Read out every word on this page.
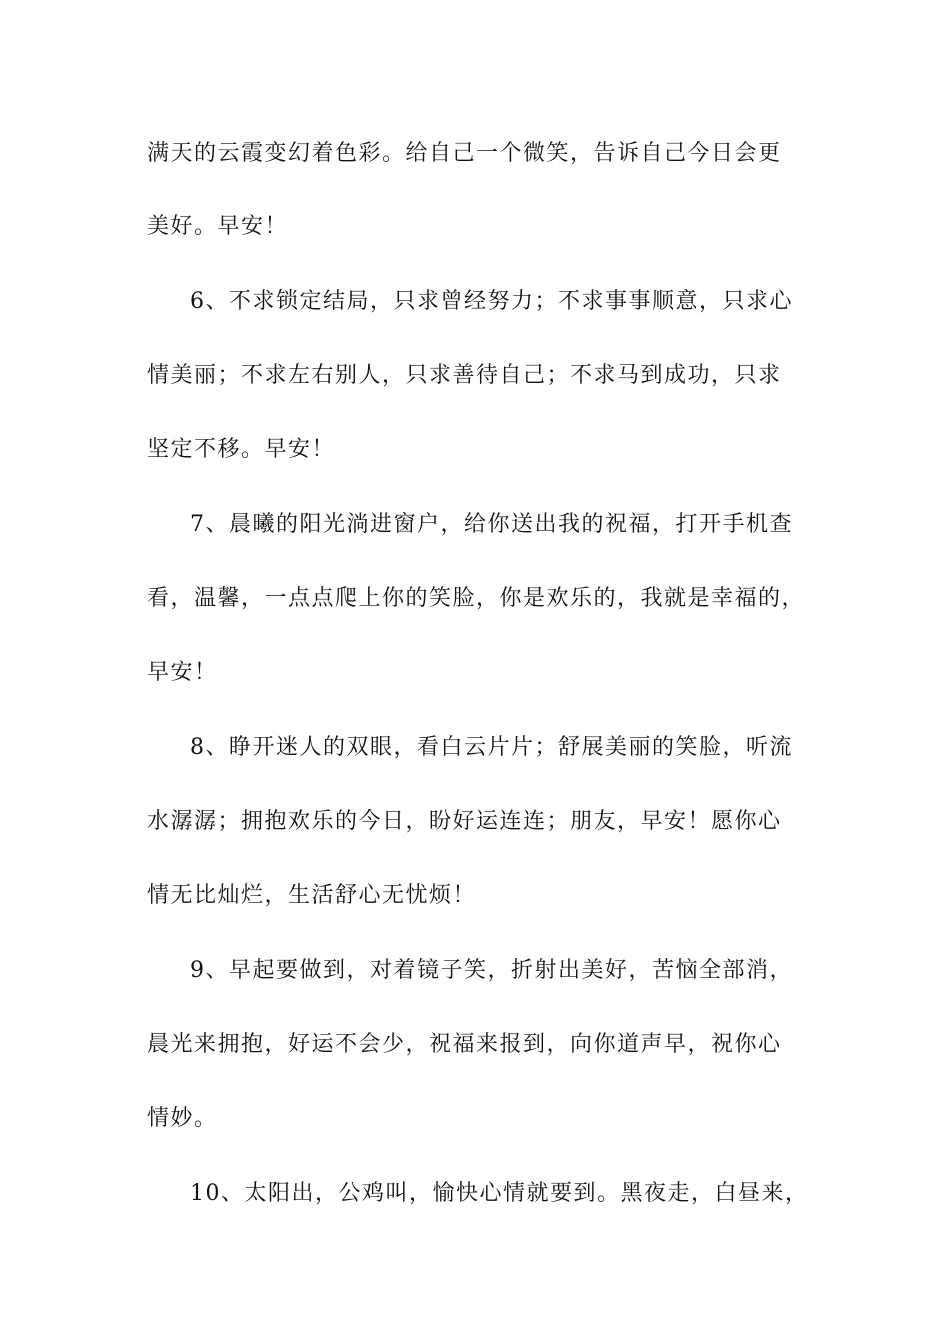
满天的云霞变幻着色彩。给自己一个微笑，告诉自己今日会更
美好。早安！
6、不求锁定结局，只求曾经努力；不求事事顺意，只求心
情美丽；不求左右别人，只求善待自己；不求马到成功，只求
坚定不移。早安！
7、晨曦的阳光淌进窗户，给你送出我的祝福，打开手机查
看，温馨，一点点爬上你的笑脸，你是欢乐的，我就是幸福的，
早安！
8、睁开迷人的双眼，看白云片片；舒展美丽的笑脸，听流
水潺潺；拥抱欢乐的今日，盼好运连连；朋友，早安！愿你心
情无比灿烂，生活舒心无忧烦！
9、早起要做到，对着镜子笑，折射出美好，苦恼全部消，
晨光来拥抱，好运不会少，祝福来报到，向你道声早，祝你心
情妙。
10、太阳出，公鸡叫，愉快心情就要到。黑夜走，白昼来，
